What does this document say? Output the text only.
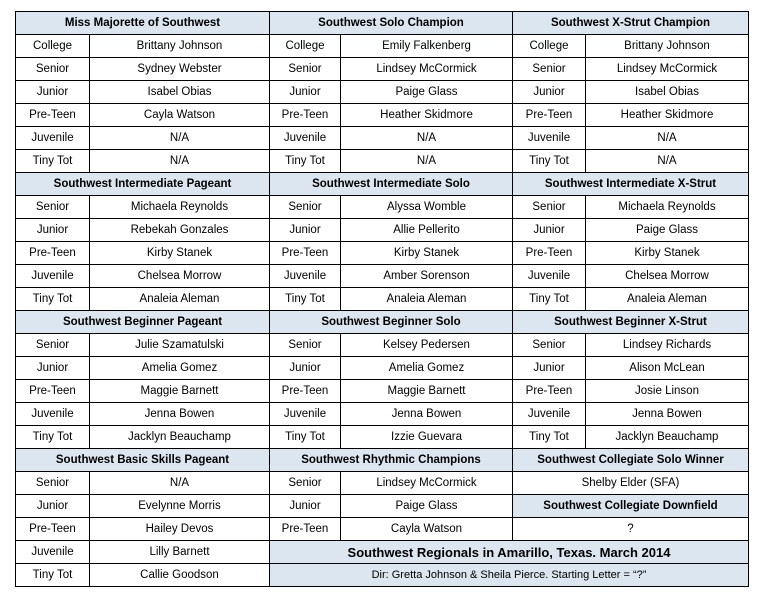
Miss Majorette of Southwest
College	Brittany Johnson
Senior	Sydney Webster
Junior	Isabel Obias
Pre-Teen	Cayla Watson
Juvenile	N/A
Tiny Tot	N/A
Southwest Solo Champion
College	Emily Falkenberg
Senior	Lindsey McCormick
Junior	Paige Glass
Pre-Teen	Heather Skidmore
Juvenile	N/A
Tiny Tot	N/A
Southwest X-Strut Champion
College	Brittany Johnson
Senior	Lindsey McCormick
Junior	Isabel Obias
Pre-Teen	Heather Skidmore
Juvenile	N/A
Tiny Tot	N/A
Southwest Intermediate Pageant
Senior	Michaela Reynolds
Junior	Rebekah Gonzales
Pre-Teen	Kirby Stanek
Juvenile	Chelsea Morrow
Tiny Tot	Analeia Aleman
Southwest Intermediate Solo
Senior	Alyssa Womble
Junior	Allie Pellerito
Pre-Teen	Kirby Stanek
Juvenile	Amber Sorenson
Tiny Tot	Analeia Aleman
Southwest Intermediate X-Strut
Senior	Michaela Reynolds
Junior	Paige Glass
Pre-Teen	Kirby Stanek
Juvenile	Chelsea Morrow
Tiny Tot	Analeia Aleman
Southwest Beginner Pageant
Senior	Julie Szamatulski
Junior	Amelia Gomez
Pre-Teen	Maggie Barnett
Juvenile	Jenna Bowen
Tiny Tot	Jacklyn Beauchamp
Southwest Beginner Solo
Senior	Kelsey Pedersen
Junior	Amelia Gomez
Pre-Teen	Maggie Barnett
Juvenile	Jenna Bowen
Tiny Tot	Izzie Guevara
Southwest Beginner X-Strut
Senior	Lindsey Richards
Junior	Alison McLean
Pre-Teen	Josie Linson
Juvenile	Jenna Bowen
Tiny Tot	Jacklyn Beauchamp
Southwest Basic Skills Pageant
Senior	N/A
Junior	Evelynne Morris
Pre-Teen	Hailey Devos
Juvenile	Lilly Barnett
Tiny Tot	Callie Goodson
Southwest Rhythmic Champions
Senior	Lindsey McCormick
Junior	Paige Glass
Pre-Teen	Cayla Watson
Southwest Collegiate Solo Winner
Shelby Elder (SFA)
Southwest Collegiate Downfield
?
Southwest Regionals in Amarillo, Texas. March 2014
Dir: Gretta Johnson & Sheila Pierce. Starting Letter = “?”
